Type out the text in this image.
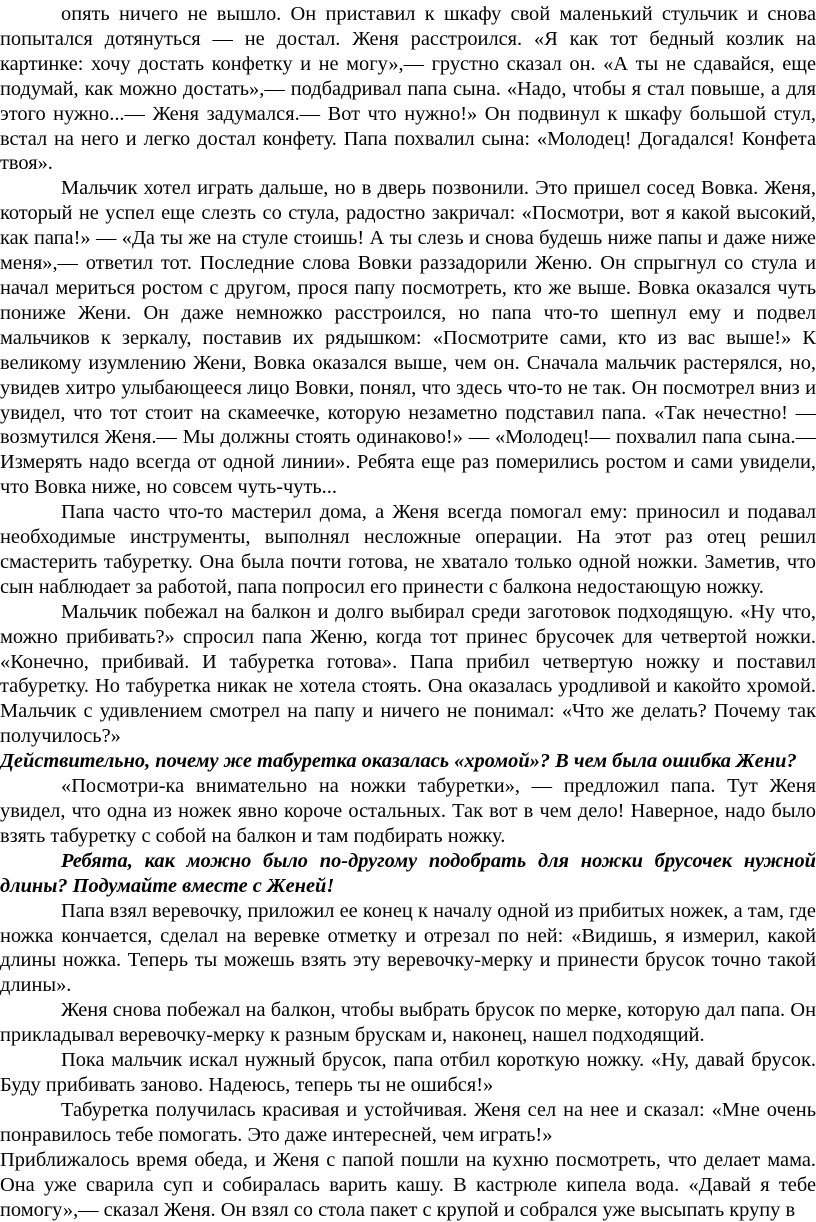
опять ничего не вышло. Он приставил к шкафу свой маленький стульчик и снова попытался дотянуться — не достал. Женя расстроился. «Я как тот бедный козлик на картинке: хочу достать конфетку и не могу»,— грустно сказал он. «А ты не сдавайся, еще подумай, как можно достать»,— подбадривал папа сына. «Надо, чтобы я стал повыше, а для этого нужно...— Женя задумался.— Вот что нужно!» Он подвинул к шкафу большой стул, встал на него и легко достал конфету. Папа похвалил сына: «Молодец! Догадался! Конфета твоя».

Мальчик хотел играть дальше, но в дверь позвонили. Это пришел сосед Вовка. Женя, который не успел еще слезть со стула, радостно закричал: «Посмотри, вот я какой высокий, как папа!» — «Да ты же на стуле стоишь! А ты слезь и снова будешь ниже папы и даже ниже меня»,— ответил тот. Последние слова Вовки раззадорили Женю. Он спрыгнул со стула и начал мериться ростом с другом, прося папу посмотреть, кто же выше. Вовка оказался чуть пониже Жени. Он даже немножко расстроился, но папа что-то шепнул ему и подвел мальчиков к зеркалу, поставив их рядышком: «Посмотрите сами, кто из вас выше!» К великому изумлению Жени, Вовка оказался выше, чем он. Сначала мальчик растерялся, но, увидев хитро улыбающееся лицо Вовки, понял, что здесь что-то не так. Он посмотрел вниз и увидел, что тот стоит на скамеечке, которую незаметно подставил папа. «Так нечестно! — возмутился Женя.— Мы должны стоять одинаково!» — «Молодец!— похвалил папа сына.— Измерять надо всегда от одной линии». Ребята еще раз померились ростом и сами увидели, что Вовка ниже, но совсем чуть-чуть...

Папа часто что-то мастерил дома, а Женя всегда помогал ему: приносил и подавал необходимые инструменты, выполнял несложные операции. На этот раз отец решил смастерить табуретку. Она была почти готова, не хватало только одной ножки. Заметив, что сын наблюдает за работой, папа попросил его принести с балкона недостающую ножку.

Мальчик побежал на балкон и долго выбирал среди заготовок подходящую. «Ну что, можно прибивать?» спросил папа Женю, когда тот принес брусочек для четвертой ножки. «Конечно, прибивай. И табуретка готова». Папа прибил четвертую ножку и поставил табуретку. Но табуретка никак не хотела стоять. Она оказалась уродливой и какойто хромой. Мальчик с удивлением смотрел на папу и ничего не понимал: «Что же делать? Почему так получилось?»

Действительно, почему же табуретка оказалась «хромой»? В чем была ошибка Жени?

«Посмотри-ка внимательно на ножки табуретки», — предложил папа. Тут Женя увидел, что одна из ножек явно короче остальных. Так вот в чем дело! Наверное, надо было взять табуретку с собой на балкон и там подбирать ножку.

Ребята, как можно было по-другому подобрать для ножки брусочек нужной длины? Подумайте вместе с Женей!

Папа взял веревочку, приложил ее конец к началу одной из прибитых ножек, а там, где ножка кончается, сделал на веревке отметку и отрезал по ней: «Видишь, я измерил, какой длины ножка. Теперь ты можешь взять эту веревочку-мерку и принести брусок точно такой длины».

Женя снова побежал на балкон, чтобы выбрать брусок по мерке, которую дал папа. Он прикладывал веревочку-мерку к разным брускам и, наконец, нашел подходящий.

Пока мальчик искал нужный брусок, папа отбил короткую ножку. «Ну, давай брусок. Буду прибивать заново. Надеюсь, теперь ты не ошибся!»

Табуретка получилась красивая и устойчивая. Женя сел на нее и сказал: «Мне очень понравилось тебе помогать. Это даже интересней, чем играть!»

Приближалось время обеда, и Женя с папой пошли на кухню посмотреть, что делает мама. Она уже сварила суп и собиралась варить кашу. В кастрюле кипела вода. «Давай я тебе помогу»,— сказал Женя. Он взял со стола пакет с крупой и собрался уже высыпать крупу в
